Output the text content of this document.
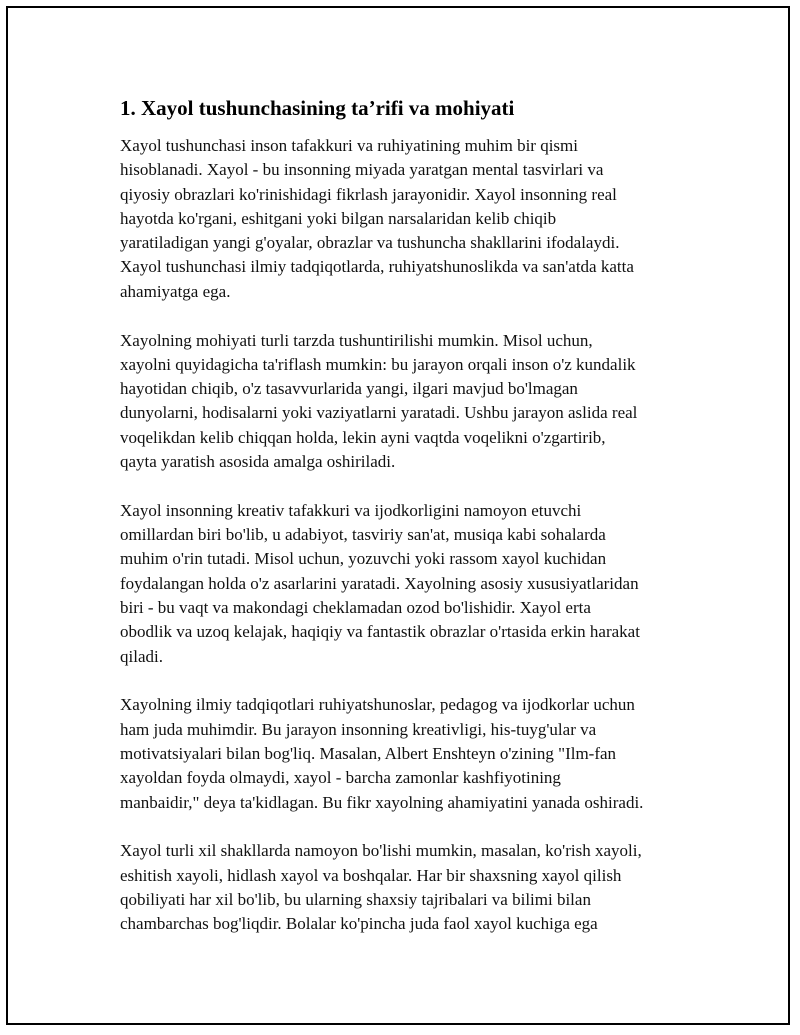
1. Xayol tushunchasining ta’rifi va mohiyati

Xayol tushunchasi inson tafakkuri va ruhiyatining muhim bir qismi
hisoblanadi. Xayol - bu insonning miyada yaratgan mental tasvirlari va
qiyosiy obrazlari ko'rinishidagi fikrlash jarayonidir. Xayol insonning real
hayotda ko'rgani, eshitgani yoki bilgan narsalaridan kelib chiqib
yaratiladigan yangi g'oyalar, obrazlar va tushuncha shakllarini ifodalaydi.
Xayol tushunchasi ilmiy tadqiqotlarda, ruhiyatshunoslikda va san'atda katta
ahamiyatga ega.

Xayolning mohiyati turli tarzda tushuntirilishi mumkin. Misol uchun,
xayolni quyidagicha ta'riflash mumkin: bu jarayon orqali inson o'z kundalik
hayotidan chiqib, o'z tasavvurlarida yangi, ilgari mavjud bo'lmagan
dunyolarni, hodisalarni yoki vaziyatlarni yaratadi. Ushbu jarayon aslida real
voqelikdan kelib chiqqan holda, lekin ayni vaqtda voqelikni o'zgartirib,
qayta yaratish asosida amalga oshiriladi.

Xayol insonning kreativ tafakkuri va ijodkorligini namoyon etuvchi
omillardan biri bo'lib, u adabiyot, tasviriy san'at, musiqa kabi sohalarda
muhim o'rin tutadi. Misol uchun, yozuvchi yoki rassom xayol kuchidan
foydalangan holda o'z asarlarini yaratadi. Xayolning asosiy xususiyatlaridan
biri - bu vaqt va makondagi cheklamadan ozod bo'lishidir. Xayol erta
obodlik va uzoq kelajak, haqiqiy va fantastik obrazlar o'rtasida erkin harakat
qiladi.

Xayolning ilmiy tadqiqotlari ruhiyatshunoslar, pedagog va ijodkorlar uchun
ham juda muhimdir. Bu jarayon insonning kreativligi, his-tuyg'ular va
motivatsiyalari bilan bog'liq. Masalan, Albert Enshteyn o'zining "Ilm-fan
xayoldan foyda olmaydi, xayol - barcha zamonlar kashfiyotining
manbaidir," deya ta'kidlagan. Bu fikr xayolning ahamiyatini yanada oshiradi.

Xayol turli xil shakllarda namoyon bo'lishi mumkin, masalan, ko'rish xayoli,
eshitish xayoli, hidlash xayol va boshqalar. Har bir shaxsning xayol qilish
qobiliyati har xil bo'lib, bu ularning shaxsiy tajribalari va bilimi bilan
chambarchas bog'liqdir. Bolalar ko'pincha juda faol xayol kuchiga ega
